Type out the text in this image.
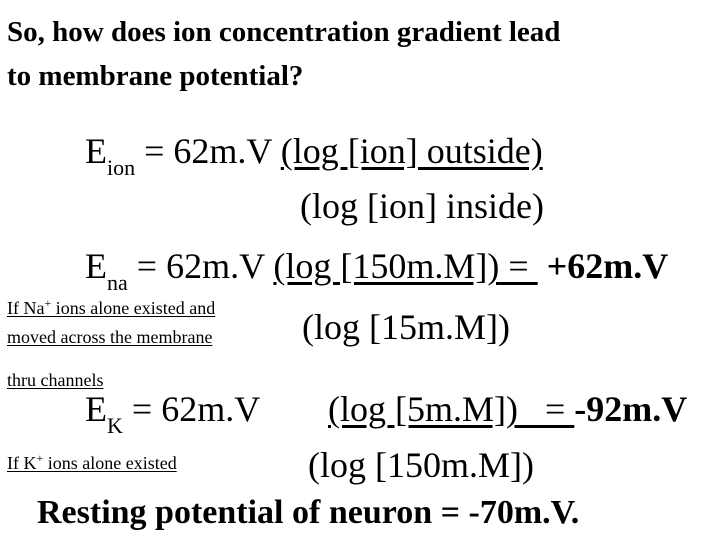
So, how does ion concentration gradient lead
to membrane potential?
$E_{ion} = 62m.V$ (log [ion] outside)
(log [ion] inside)
$E_{na} = 62m.V$ (log [150m.M]) =  +62m.V
(log [15m.M])
If Na+ ions alone existed and
moved across the membrane
thru channels
$E_K = 62m.V$ (log [5m.M])   = -92m.V
(log [150m.M])
If K+ ions alone existed
Resting potential of neuron = -70m.V.
